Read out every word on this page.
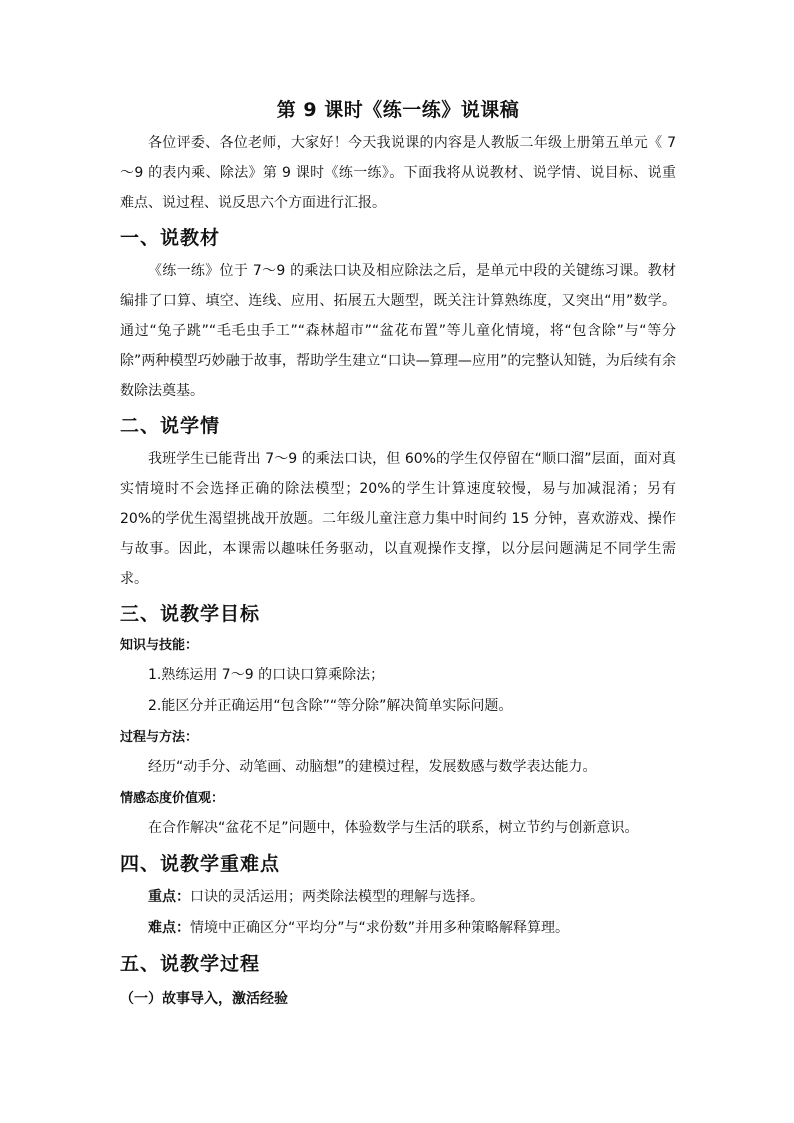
第 9 课时《练一练》说课稿

各位评委、各位老师，大家好！今天我说课的内容是人教版二年级上册第五单元《 7～9 的表内乘、除法》第 9 课时《练一练》。下面我将从说教材、说学情、说目标、说重难点、说过程、说反思六个方面进行汇报。

一、说教材

《练一练》位于 7～9 的乘法口诀及相应除法之后，是单元中段的关键练习课。教材编排了口算、填空、连线、应用、拓展五大题型，既关注计算熟练度，又突出“用”数学。通过“兔子跳”“毛毛虫手工”“森林超市”“盆花布置”等儿童化情境，将“包含除”与“等分除”两种模型巧妙融于故事，帮助学生建立“口诀—算理—应用”的完整认知链，为后续有余数除法奠基。

二、说学情

我班学生已能背出 7～9 的乘法口诀，但 60%的学生仅停留在“顺口溜”层面，面对真实情境时不会选择正确的除法模型；20%的学生计算速度较慢，易与加减混淆；另有 20%的学优生渴望挑战开放题。二年级儿童注意力集中时间约 15 分钟，喜欢游戏、操作与故事。因此，本课需以趣味任务驱动，以直观操作支撑，以分层问题满足不同学生需求。

三、说教学目标
知识与技能：

1.熟练运用 7～9 的口诀口算乘除法；

2.能区分并正确运用“包含除”“等分除”解决简单实际问题。

过程与方法：

经历“动手分、动笔画、动脑想”的建模过程，发展数感与数学表达能力。

情感态度价值观：

在合作解决“盆花不足”问题中，体验数学与生活的联系，树立节约与创新意识。

四、说教学重难点

重点：口诀的灵活运用；两类除法模型的理解与选择。

难点：情境中正确区分“平均分”与“求份数”并用多种策略解释算理。

五、说教学过程
（一）故事导入，激活经验
